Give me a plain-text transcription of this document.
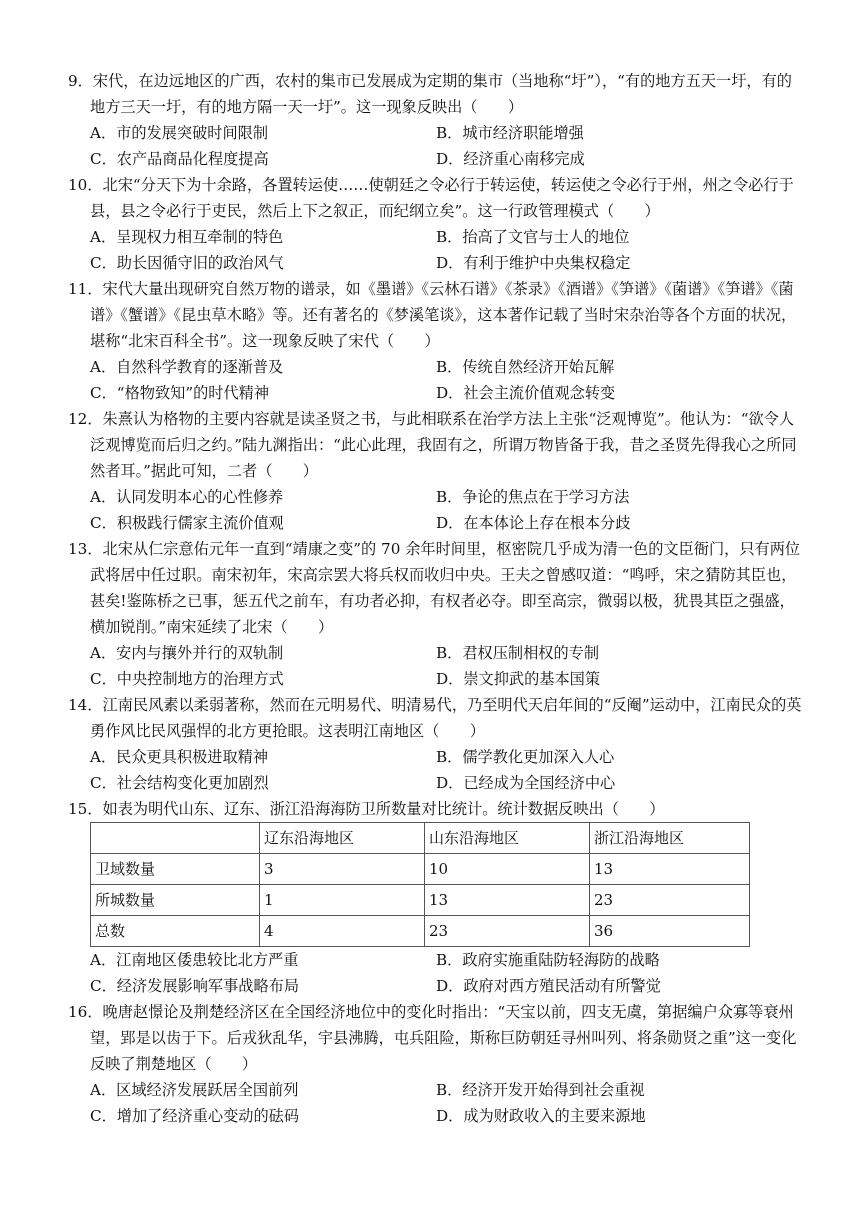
9．宋代，在边远地区的广西，农村的集市已发展成为定期的集市（当地称“圩”），“有的地方五天一圩，有的地方三天一圩，有的地方隔一天一圩”。这一现象反映出（　　）

A．市的发展突破时间限制	B．城市经济职能增强
C．农产品商品化程度提高	D．经济重心南移完成

10．北宋“分天下为十余路，各置转运使……使朝廷之令必行于转运使，转运使之令必行于州，州之令必行于县，县之令必行于吏民，然后上下之叙正，而纪纲立矣”。这一行政管理模式（　　）

A．呈现权力相互牵制的特色	B．抬高了文官与士人的地位
C．助长因循守旧的政治风气	D．有利于维护中央集权稳定

11．宋代大量出现研究自然万物的谱录，如《墨谱》《云林石谱》《茶录》《酒谱》《笋谱》《菌谱》《笋谱》《菌谱》《蟹谱》《昆虫草木略》等。还有著名的《梦溪笔谈》，这本著作记载了当时宋杂治等各个方面的状况，堪称“北宋百科全书”。这一现象反映了宋代（　　）

A．自然科学教育的逐渐普及	B．传统自然经济开始瓦解
C．“格物致知”的时代精神	D．社会主流价值观念转变

12．朱熹认为格物的主要内容就是读圣贤之书，与此相联系在治学方法上主张“泛观博览”。他认为：“欲令人泛观博览而后归之约。”陆九渊指出：“此心此理，我固有之，所谓万物皆备于我，昔之圣贤先得我心之所同然者耳。”据此可知，二者（　　）

A．认同发明本心的心性修养	B．争论的焦点在于学习方法
C．积极践行儒家主流价值观	D．在本体论上存在根本分歧

13．北宋从仁宗意佑元年一直到“靖康之变”的 70 余年时间里，枢密院几乎成为清一色的文臣衙门，只有两位武将居中任过职。南宋初年，宋高宗罢大将兵权而收归中央。王夫之曾感叹道：“鸣呼，宋之猜防其臣也，甚矣!鉴陈桥之已事，惩五代之前车，有功者必抑，有权者必夺。即至高宗，微弱以极，犹畏其臣之强盛，横加锐削。”南宋延续了北宋（　　）

A．安内与攘外并行的双轨制	B．君权压制相权的专制
C．中央控制地方的治理方式	D．崇文抑武的基本国策

14．江南民风素以柔弱著称，然而在元明易代、明清易代，乃至明代天启年间的“反阉”运动中，江南民众的英勇作风比民风强悍的北方更抢眼。这表明江南地区（　　）

A．民众更具积极进取精神	B．儒学教化更加深入人心
C．社会结构变化更加剧烈	D．已经成为全国经济中心

15．如表为明代山东、辽东、浙江沿海海防卫所数量对比统计。统计数据反映出（　　）

	辽东沿海地区	山东沿海地区	浙江沿海地区
卫域数量	3	10	13
所城数量	1	13	23
总数	4	23	36
A．江南地区倭患较比北方严重	B．政府实施重陆防轻海防的战略
C．经济发展影响军事战略布局	D．政府对西方殖民活动有所警觉

16．晚唐赵憬论及荆楚经济区在全国经济地位中的变化时指出：“天宝以前，四支无虞，第据编户众寡等衰州望，郢是以齿于下。后戎狄乱华，宇县沸腾，屯兵阻险，斯称巨防朝廷寻州叫列、将条勋贤之重”这一变化反映了荆楚地区（　　）

A．区域经济发展跃居全国前列	B．经济开发开始得到社会重视
C．增加了经济重心变动的砝码	D．成为财政收入的主要来源地
